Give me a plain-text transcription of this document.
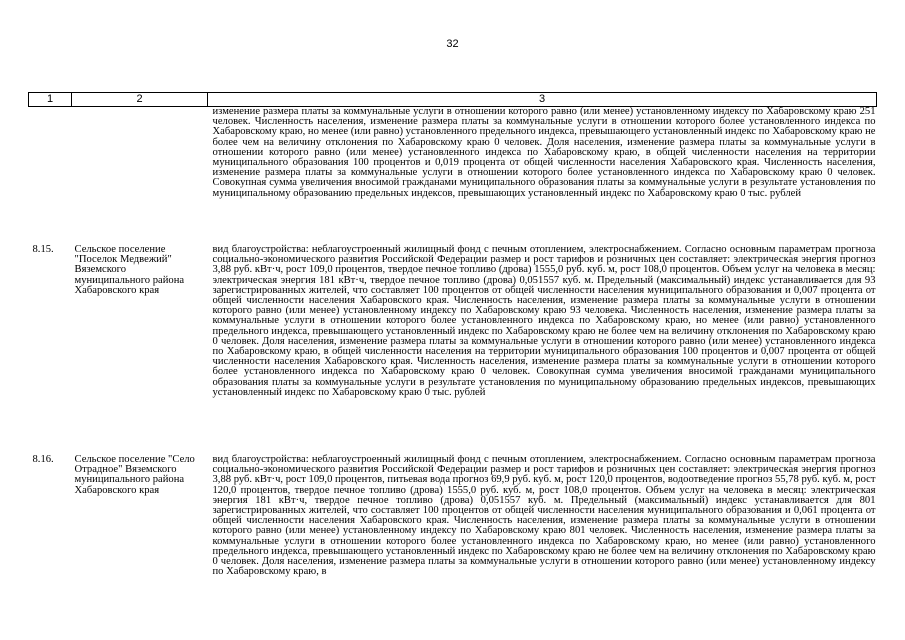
32
1	2	3
		изменение размера платы за коммунальные услуги в отношении которого равно (или менее) установленному индексу по Хабаровскому краю 251 человек. Численность населения, изменение размера платы за коммунальные услуги в отношении которого более установленного индекса по Хабаровскому краю, но менее (или равно) установленного предельного индекса, превышающего установленный индекс по Хабаровскому краю не более чем на величину отклонения по Хабаровскому краю 0 человек. Доля населения, изменение размера платы за коммунальные услуги в отношении которого равно (или менее) установленного индекса по Хабаровскому краю, в общей численности населения на территории муниципального образования 100 процентов и 0,019 процента от общей численности населения Хабаровского края. Численность населения, изменение размера платы за коммунальные услуги в отношении которого более установленного индекса по Хабаровскому краю 0 человек. Совокупная сумма увеличения вносимой гражданами муниципального образования платы за коммунальные услуги в результате установления по муниципальному образованию предельных индексов, превышающих установленный индекс по Хабаровскому краю 0 тыс. рублей
8.15.	Сельское поселение "Поселок Медвежий" Вяземского муниципального района Хабаровского края	вид благоустройства: неблагоустроенный жилищный фонд с печным отоплением, электроснабжением. Согласно основным параметрам прогноза социально-экономического развития Российской Федерации размер и рост тарифов и розничных цен составляет: электрическая энергия прогноз 3,88 руб. кВт·ч, рост 109,0 процентов, твердое печное топливо (дрова) 1555,0 руб. куб. м, рост 108,0 процентов. Объем услуг на человека в месяц: электрическая энергия 181 кВт·ч, твердое печное топливо (дрова) 0,051557 куб. м. Предельный (максимальный) индекс устанавливается для 93 зарегистрированных жителей, что составляет 100 процентов от общей численности населения муниципального образования и 0,007 процента от общей численности населения Хабаровского края. Численность населения, изменение размера платы за коммунальные услуги в отношении которого равно (или менее) установленному индексу по Хабаровскому краю 93 человека. Численность населения, изменение размера платы за коммунальные услуги в отношении которого более установленного индекса по Хабаровскому краю, но менее (или равно) установленного предельного индекса, превышающего установленный индекс по Хабаровскому краю не более чем на величину отклонения по Хабаровскому краю 0 человек. Доля населения, изменение размера платы за коммунальные услуги в отношении которого равно (или менее) установленного индекса по Хабаровскому краю, в общей численности населения на территории муниципального образования 100 процентов и 0,007 процента от общей численности населения Хабаровского края. Численность населения, изменение размера платы за коммунальные услуги в отношении которого более установленного индекса по Хабаровскому краю 0 человек. Совокупная сумма увеличения вносимой гражданами муниципального образования платы за коммунальные услуги в результате установления по муниципальному образованию предельных индексов, превышающих установленный индекс по Хабаровскому краю 0 тыс. рублей
8.16.	Сельское поселение "Село Отрадное" Вяземского муниципального района Хабаровского края	вид благоустройства: неблагоустроенный жилищный фонд с печным отоплением, электроснабжением. Согласно основным параметрам прогноза социально-экономического развития Российской Федерации размер и рост тарифов и розничных цен составляет: электрическая энергия прогноз 3,88 руб. кВт·ч, рост 109,0 процентов, питьевая вода прогноз 69,9 руб. куб. м, рост 120,0 процентов, водоотведение прогноз 55,78 руб. куб. м, рост 120,0 процентов, твердое печное топливо (дрова) 1555,0 руб. куб. м, рост 108,0 процентов. Объем услуг на человека в месяц: электрическая энергия 181 кВт·ч, твердое печное топливо (дрова) 0,051557 куб. м. Предельный (максимальный) индекс устанавливается для 801 зарегистрированных жителей, что составляет 100 процентов от общей численности населения муниципального образования и 0,061 процента от общей численности населения Хабаровского края. Численность населения, изменение размера платы за коммунальные услуги в отношении которого равно (или менее) установленному индексу по Хабаровскому краю 801 человек. Численность населения, изменение размера платы за коммунальные услуги в отношении которого более установленного индекса по Хабаровскому краю, но менее (или равно) установленного предельного индекса, превышающего установленный индекс по Хабаровскому краю не более чем на величину отклонения по Хабаровскому краю 0 человек. Доля населения, изменение размера платы за коммунальные услуги в отношении которого равно (или менее) установленному индексу по Хабаровскому краю, в
